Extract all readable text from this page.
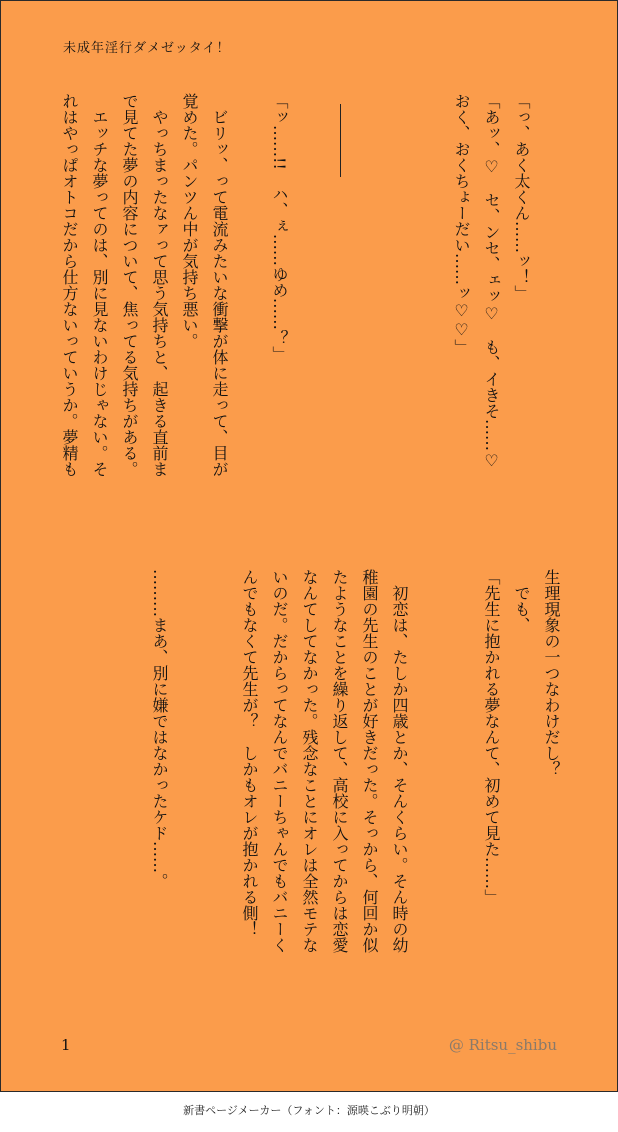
未成年淫行ダメゼッタイ！
「っ、あく太くん……ッ！」
「あッ、♡　セ、ンセ、ェッ♡　も、イきそ……♡
おく、おくちょーだい……ッ♡♡」
「ッ……!!　ハ、ぇ……ゆめ……？」
　ビリッ、って電流みたいな衝撃が体に走って、目が
覚めた。パンツん中が気持ち悪い。
　やっちまったなァって思う気持ちと、起きる直前ま
で見てた夢の内容について、焦ってる気持ちがある。
　エッチな夢ってのは、別に見ないわけじゃない。そ
れはやっぱオトコだから仕方ないっていうか。夢精も
生理現象の一つなわけだし？
　でも、
「先生に抱かれる夢なんて、初めて見た……」
　初恋は、たしか四歳とか、そんくらい。そん時の幼
稚園の先生のことが好きだった。そっから、何回か似
たようなことを繰り返して、高校に入ってからは恋愛
なんてしてなかった。残念なことにオレは全然モテな
いのだ。だからってなんでバニーちゃんでもバニーく
んでもなくて先生が？　しかもオレが抱かれる側！
………まあ、別に嫌ではなかったケド……。
1	@ Ritsu_shibu
新書ページメーカー（フォント：源暎こぶり明朝）
